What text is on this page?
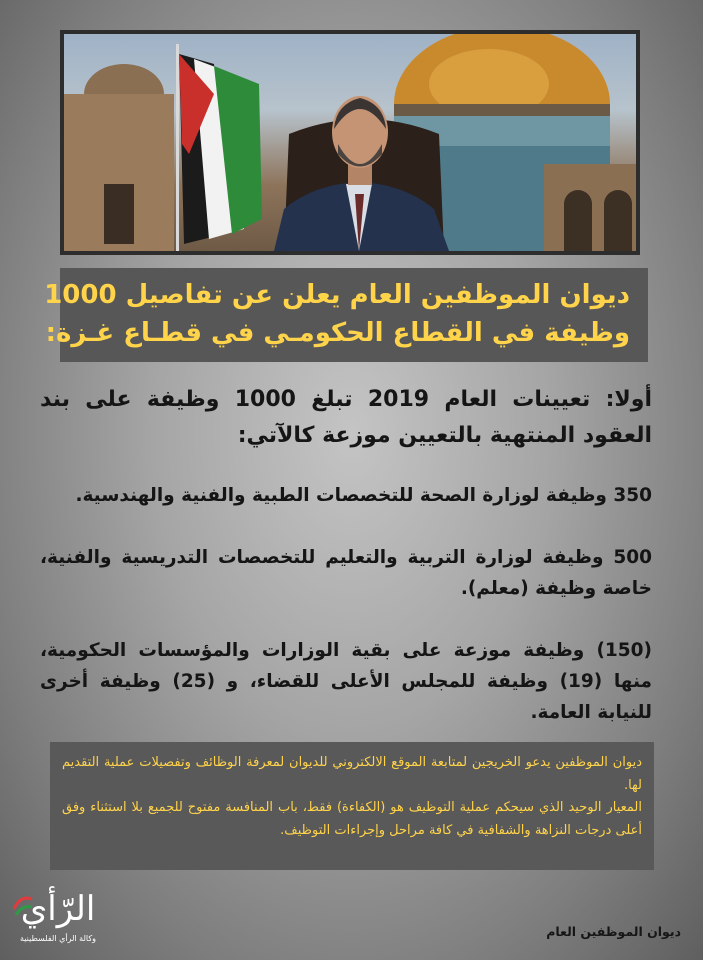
ديوان الموظفين العام يعلن عن تفاصيل 1000
وظيفة في القطاع الحكومـي في قطـاع غـزة:
أولا: تعيينات العام 2019 تبلغ 1000 وظيفة على بند العقود المنتهية بالتعيين موزعة كالآتي:
350 وظيفة لوزارة الصحة للتخصصات الطبية والفنية والهندسية.
500 وظيفة لوزارة التربية والتعليم للتخصصات التدريسية والفنية، خاصة وظيفة (معلم).
(150) وظيفة موزعة على بقية الوزارات والمؤسسات الحكومية، منها (19) وظيفة للمجلس الأعلى للقضاء، و (25) وظيفة أخرى للنيابة العامة.

ديوان الموظفين يدعو الخريجين لمتابعة الموقع الالكتروني للديوان لمعرفة الوظائف وتفصيلات عملية التقديم لها.

المعيار الوحيد الذي سيحكم عملية التوظيف هو (الكفاءة) فقط، باب المنافسة مفتوح للجميع بلا استثناء وفق أعلى درجات النزاهة والشفافية في كافة مراحل وإجراءات التوظيف.

الرّأي
وكالة الرأي الفلسطينية	ديوان الموظفين العام
